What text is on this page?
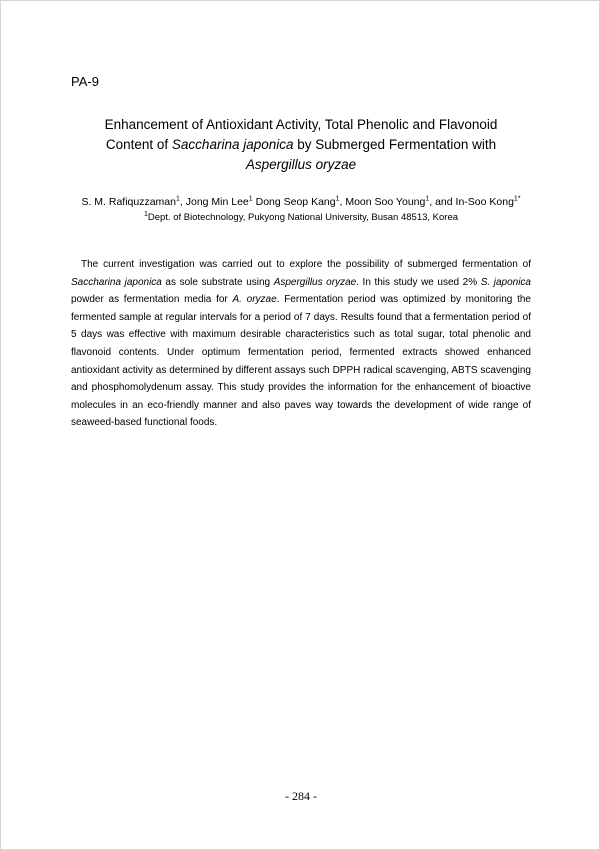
PA-9
Enhancement of Antioxidant Activity, Total Phenolic and Flavonoid
Content of Saccharina japonica by Submerged Fermentation with
Aspergillus oryzae
S. M. Rafiquzzaman$^1$, Jong Min Lee$^1$ Dong Seop Kang$^1$, Moon Soo Young$^1$, and In-Soo Kong$^{1*}$
$^1$Dept. of Biotechnology, Pukyong National University, Busan 48513, Korea

The current investigation was carried out to explore the possibility of submerged fermentation of Saccharina japonica as sole substrate using Aspergillus oryzae. In this study we used 2% S. japonica powder as fermentation media for A. oryzae. Fermentation period was optimized by monitoring the fermented sample at regular intervals for a period of 7 days. Results found that a fermentation period of 5 days was effective with maximum desirable characteristics such as total sugar, total phenolic and flavonoid contents. Under optimum fermentation period, fermented extracts showed enhanced antioxidant activity as determined by different assays such DPPH radical scavenging, ABTS scavenging and phosphomolydenum assay. This study provides the information for the enhancement of bioactive molecules in an eco-friendly manner and also paves way towards the development of wide range of seaweed-based functional foods.

- 284 -
